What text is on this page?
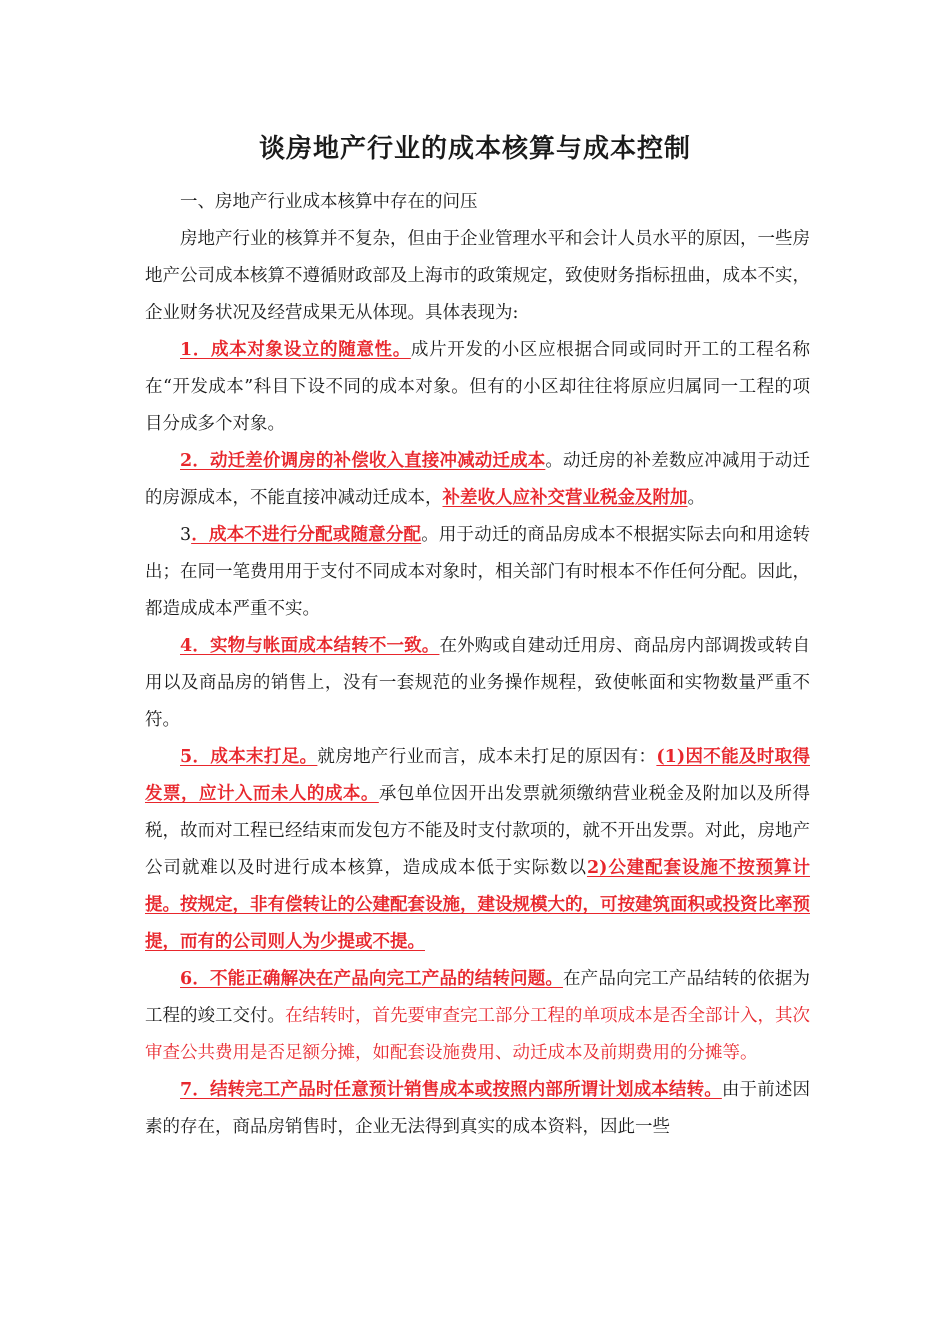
谈房地产行业的成本核算与成本控制

一、房地产行业成本核算中存在的问压

房地产行业的核算并不复杂，但由于企业管理水平和会计人员水平的原因，一些房地产公司成本核算不遵循财政部及上海市的政策规定，致使财务指标扭曲，成本不实，企业财务状况及经营成果无从体现。具体表现为:

1．成本对象设立的随意性。成片开发的小区应根据合同或同时开工的工程名称在“开发成本”科目下设不同的成本对象。但有的小区却往往将原应归属同一工程的项目分成多个对象。

2．动迁差价调房的补偿收入直接冲减动迁成本。动迁房的补差数应冲减用于动迁的房源成本，不能直接冲减动迁成本，补差收人应补交营业税金及附加。

3．成本不进行分配或随意分配。用于动迁的商品房成本不根据实际去向和用途转出；在同一笔费用用于支付不同成本对象时，相关部门有时根本不作任何分配。因此，都造成成本严重不实。

4．实物与帐面成本结转不一致。在外购或自建动迁用房、商品房内部调拨或转自用以及商品房的销售上，没有一套规范的业务操作规程，致使帐面和实物数量严重不符。

5．成本末打足。就房地产行业而言，成本未打足的原因有：(1)因不能及时取得发票，应计入而未人的成本。承包单位因开出发票就须缴纳营业税金及附加以及所得税，故而对工程已经结束而发包方不能及时支付款项的，就不开出发票。对此，房地产公司就难以及时进行成本核算，造成成本低于实际数以2)公建配套设施不按预算计提。按规定，非有偿转让的公建配套设施，建设规模大的，可按建筑面积或投资比率预提，而有的公司则人为少提或不提。

6．不能正确解决在产品向完工产品的结转问题。在产品向完工产品结转的依据为工程的竣工交付。在结转时，首先要审查完工部分工程的单项成本是否全部计入，其次审查公共费用是否足额分摊，如配套设施费用、动迁成本及前期费用的分摊等。

7．结转完工产品时任意预计销售成本或按照内部所谓计划成本结转。由于前述因素的存在，商品房销售时，企业无法得到真实的成本资料，因此一些
